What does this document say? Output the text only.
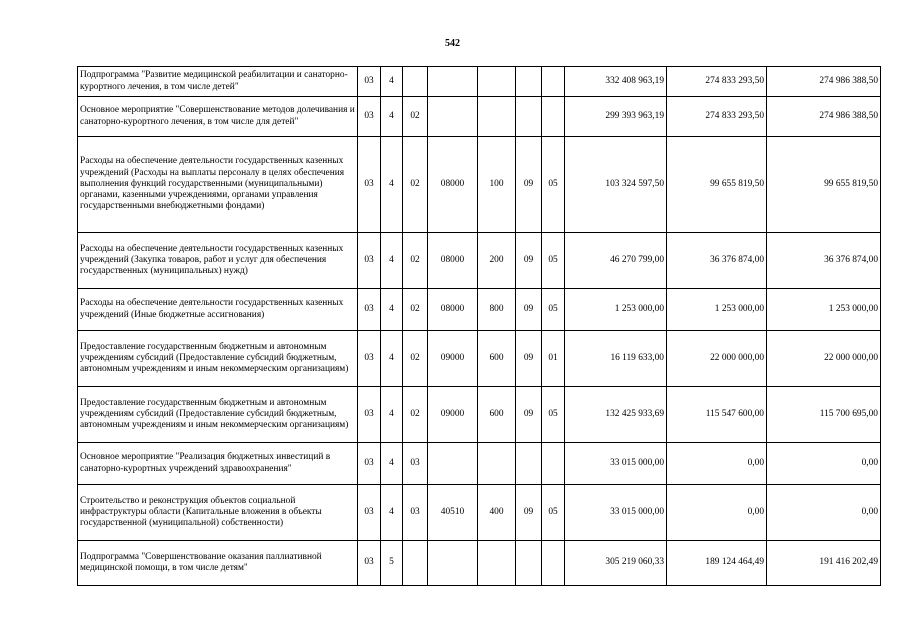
542
Подпрограмма "Развитие медицинской реабилитации и санаторно-курортного лечения, в том числе детей"	03	4						332 408 963,19	274 833 293,50	274 986 388,50
Основное мероприятие "Совершенствование методов долечивания и санаторно-курортного лечения, в том числе для детей"	03	4	02					299 393 963,19	274 833 293,50	274 986 388,50
Расходы на обеспечение деятельности государственных казенных учреждений (Расходы на выплаты персоналу в целях обеспечения выполнения функций государственными (муниципальными) органами, казенными учреждениями, органами управления государственными внебюджетными фондами)	03	4	02	08000	100	09	05	103 324 597,50	99 655 819,50	99 655 819,50
Расходы на обеспечение деятельности государственных казенных учреждений (Закупка товаров, работ и услуг для обеспечения государственных (муниципальных) нужд)	03	4	02	08000	200	09	05	46 270 799,00	36 376 874,00	36 376 874,00
Расходы на обеспечение деятельности государственных казенных учреждений (Иные бюджетные ассигнования)	03	4	02	08000	800	09	05	1 253 000,00	1 253 000,00	1 253 000,00
Предоставление государственным бюджетным и автономным учреждениям субсидий (Предоставление субсидий бюджетным, автономным учреждениям и иным некоммерческим организациям)	03	4	02	09000	600	09	01	16 119 633,00	22 000 000,00	22 000 000,00
Предоставление государственным бюджетным и автономным учреждениям субсидий (Предоставление субсидий бюджетным, автономным учреждениям и иным некоммерческим организациям)	03	4	02	09000	600	09	05	132 425 933,69	115 547 600,00	115 700 695,00
Основное мероприятие "Реализация бюджетных инвестиций в санаторно-курортных учреждений здравоохранения"	03	4	03					33 015 000,00	0,00	0,00
Строительство и реконструкция объектов социальной инфраструктуры области (Капитальные вложения в объекты государственной (муниципальной) собственности)	03	4	03	40510	400	09	05	33 015 000,00	0,00	0,00
Подпрограмма "Совершенствование оказания паллиативной медицинской помощи, в том числе детям"	03	5						305 219 060,33	189 124 464,49	191 416 202,49
